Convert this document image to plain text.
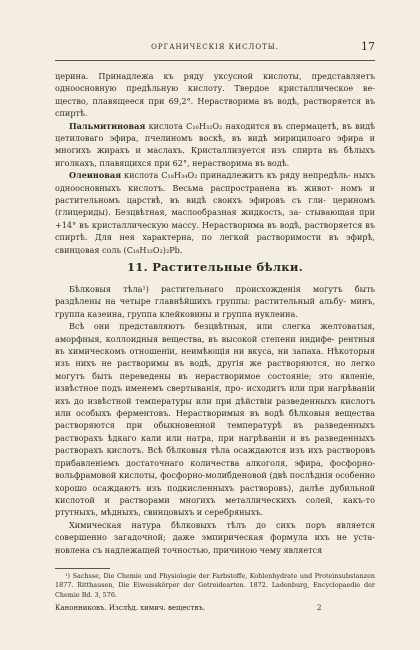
ОРГАНИЧЕСКІЯ КИСЛОТЫ.	17

церина. Принадлежа къ ряду уксусной кислоты, представляетъ одноосновную предѣльную кислоту. Твердое кристаллическое ве- щество, плавящееся при 69,2°. Нерастворима въ водѣ, растворяется въ спиртѣ.

Пальмитиновая кислота C₁₆H₃₂O₂ находится въ спермацетѣ, въ видѣ цетиловаго эфира, пчелиномъ воскѣ, въ видѣ мирицилоаго эфира и многихъ жирахъ и маслахъ. Кристаллизуется изъ спирта въ бѣлыхъ иголкахъ, плавящихся при 62°, нерастворима въ водѣ.

Олеиновая кислота C₁₈H₃₄O₂ принадлежитъ къ ряду непредѣль- ныхъ одноосновныхъ кислотъ. Весьма распространена въ живот- номъ и растительномъ царствѣ, въ видѣ своихъ эфировъ съ гли- цериномъ (глицериды). Безцвѣтная, маслообразная жидкость, за- стывающая при +14° въ кристаллическую массу. Нерастворима въ водѣ, растворяется въ спиртѣ. Для нея характерна, по легкой растворимости въ эфирѣ, свинцовая соль (C₁₈H₃₃O₂)₂Pb.

11. Растительные бѣлки.

Бѣлковыя тѣла¹) растительнаго происхожденія могутъ быть раздѣлены на четыре главнѣйшихъ группы: растительный альбу- минъ, группа казеина, группа клейковины и группа нуклеина.

Всѣ они представляютъ безцвѣтныя, или слегка желтоватыя, аморфныя, коллоидныя вещества, въ высокой степени индифе- рентныя въ химическомъ отношеніи, неимѣющія ни вкуса, ни запаха. Нѣкоторыя изъ нихъ не растворимы въ водѣ, другія же растворяются, но легко могутъ быть переведены въ нерастворимое состояніе; это явленіе, извѣстное подъ именемъ свертыванія, про- исходитъ или при нагрѣваніи ихъ до извѣстной температуры или при дѣйствіи разведенныхъ кислотъ или особыхъ ферментовъ. Нерастворимыя въ водѣ бѣлковыя вещества растворяются при обыкновенной температурѣ въ разведенныхъ растворахъ ѣдкаго кали или натра, при нагрѣваніи и въ разведенныхъ растворахъ кислотъ. Всѣ бѣлковыя тѣла осаждаются изъ ихъ растворовъ прибавленіемъ достаточнаго количества алкоголя, эфира, фосфорно- вольфрамовой кислоты, фосфорно-молибденовой (двѣ послѣднія особенно хорошо осаждаютъ изъ подкисленныхъ растворовъ), далѣе дубильной кислотой и растворами многихъ металлическихъ солей, какъ-то ртутныхъ, мѣдныхъ, свинцовыхъ и серебряныхъ.

Химическая натура бѣлковыхъ тѣлъ до сихъ поръ является совершенно загадочной; даже эмпирическая формула ихъ не уста- новлена съ надлежащей точностью, причиною чему является

¹) Sachsse, Die Chemie und Physiologie der Farbstoffe, Kohlenhydrate und Proteinsubstanzen 1877. Ritthausen, Die Eiweisskörper der Getreidearten. 1872. Ladenburg, Encyclopaedie der Chemie Bd. 3, 576.

Канонниковъ. Изслѣд. химич. веществъ.	2
